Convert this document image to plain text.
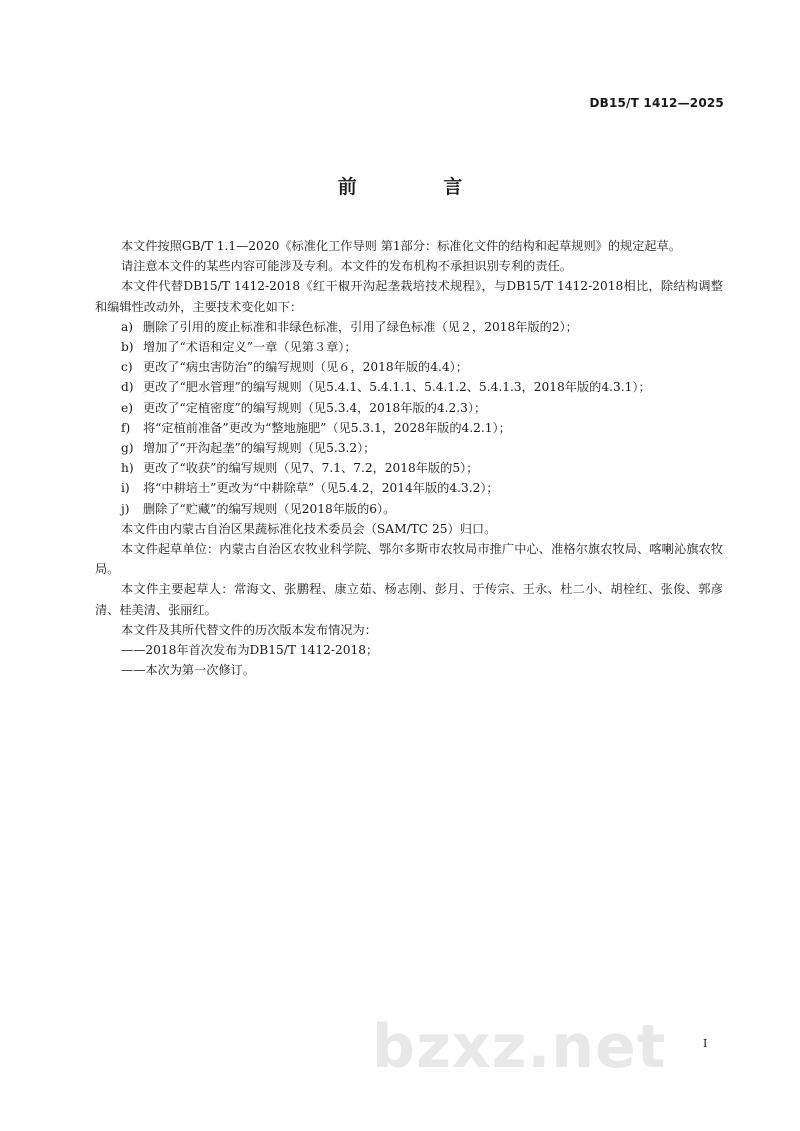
DB15/T 1412—2025
前 言

本文件按照GB/T 1.1—2020《标准化工作导则 第1部分：标准化文件的结构和起草规则》的规定起草。

请注意本文件的某些内容可能涉及专利。本文件的发布机构不承担识别专利的责任。

本文件代替DB15/T 1412-2018《红干椒开沟起垄栽培技术规程》，与DB15/T 1412-2018相比，除结构调整和编辑性改动外，主要技术变化如下：

a) 删除了引用的废止标准和非绿色标准，引用了绿色标准（见２，2018年版的2）；

b) 增加了“术语和定义”一章（见第３章）；

c) 更改了“病虫害防治”的编写规则（见６，2018年版的4.4）；

d) 更改了“肥水管理”的编写规则（见5.4.1、5.4.1.1、5.4.1.2、5.4.1.3，2018年版的4.3.1）；

e) 更改了“定植密度”的编写规则（见5.3.4，2018年版的4.2.3）；

f) 将“定植前准备”更改为“整地施肥”（见5.3.1，2028年版的4.2.1）；

g) 增加了“开沟起垄”的编写规则（见5.3.2）；

h) 更改了“收获”的编写规则（见7、7.1、7.2，2018年版的5）；

i) 将“中耕培土”更改为“中耕除草”（见5.4.2，2014年版的4.3.2）；

j) 删除了“贮藏”的编写规则（见2018年版的6）。

本文件由内蒙古自治区果蔬标准化技术委员会（SAM/TC 25）归口。

本文件起草单位：内蒙古自治区农牧业科学院、鄂尔多斯市农牧局市推广中心、准格尔旗农牧局、喀喇沁旗农牧局。

本文件主要起草人：常海文、张鹏程、康立茹、杨志刚、彭月、于传宗、王永、杜二小、胡栓红、张俊、郭彦清、桂美清、张丽红。

本文件及其所代替文件的历次版本发布情况为：

——2018年首次发布为DB15/T 1412-2018；

——本次为第一次修订。

bzxz.net	I
